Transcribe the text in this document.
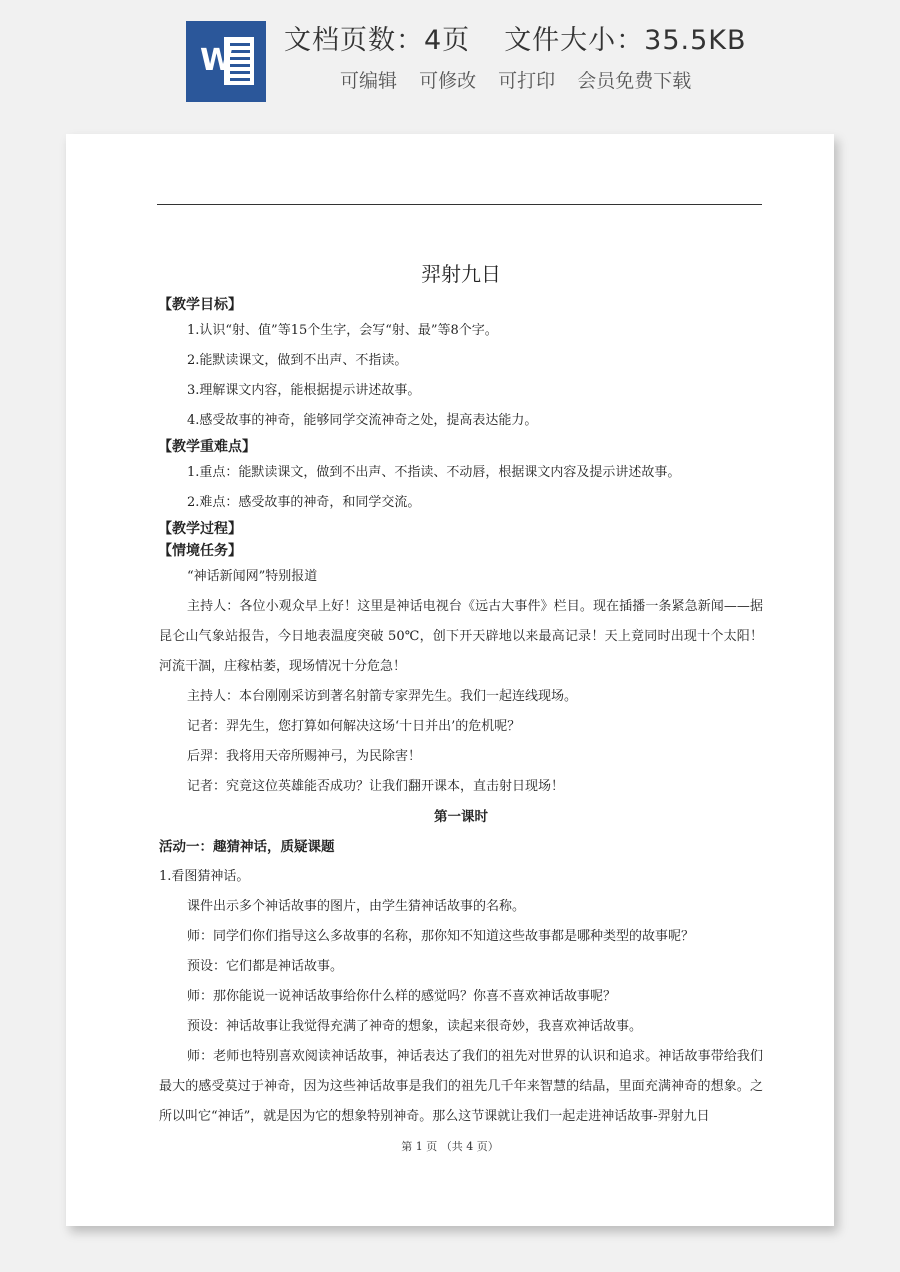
W
文档页数：4页 文件大小：35.5KB
可编辑 可修改 可打印 会员免费下载
羿射九日
【教学目标】
1.认识“射、值”等15个生字，会写“射、最”等8个字。
2.能默读课文，做到不出声、不指读。
3.理解课文内容，能根据提示讲述故事。
4.感受故事的神奇，能够同学交流神奇之处，提高表达能力。
【教学重难点】
1.重点：能默读课文，做到不出声、不指读、不动唇，根据课文内容及提示讲述故事。
2.难点：感受故事的神奇，和同学交流。
【教学过程】
【情境任务】
“神话新闻网”特别报道
主持人：各位小观众早上好！这里是神话电视台《远古大事件》栏目。现在插播一条紧急新闻——据昆仑山气象站报告，今日地表温度突破 50℃，创下开天辟地以来最高记录！天上竟同时出现十个太阳！河流干涸，庄稼枯萎，现场情况十分危急！
主持人：本台刚刚采访到著名射箭专家羿先生。我们一起连线现场。
记者：羿先生，您打算如何解决这场‘十日并出’的危机呢？
后羿：我将用天帝所赐神弓，为民除害！
记者：究竟这位英雄能否成功？让我们翻开课本，直击射日现场！
第一课时
活动一：趣猜神话，质疑课题
1.看图猜神话。
课件出示多个神话故事的图片，由学生猜神话故事的名称。
师：同学们你们指导这么多故事的名称，那你知不知道这些故事都是哪种类型的故事呢？
预设：它们都是神话故事。
师：那你能说一说神话故事给你什么样的感觉吗？你喜不喜欢神话故事呢？
预设：神话故事让我觉得充满了神奇的想象，读起来很奇妙，我喜欢神话故事。
师：老师也特别喜欢阅读神话故事，神话表达了我们的祖先对世界的认识和追求。神话故事带给我们最大的感受莫过于神奇，因为这些神话故事是我们的祖先几千年来智慧的结晶，里面充满神奇的想象。之所以叫它“神话”，就是因为它的想象特别神奇。那么这节课就让我们一起走进神话故事-羿射九日
第 1 页 （共 4 页）
